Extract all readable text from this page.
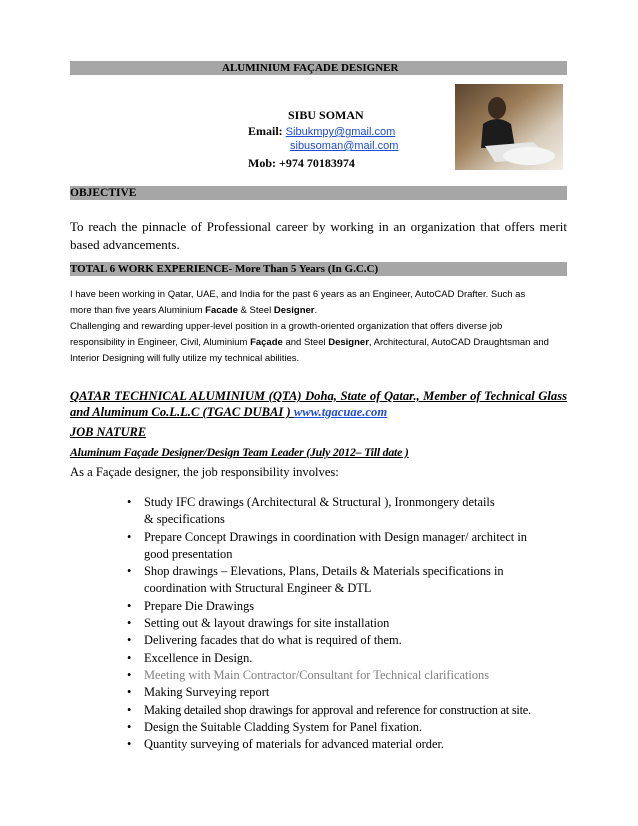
ALUMINIUM FAÇADE DESIGNER
SIBU SOMAN
Email: Sibukmpy@gmail.com
sibusoman@mail.com
Mob: +974 70183974
OBJECTIVE
To reach the pinnacle of Professional career by working in an organization that offers merit based advancements.
TOTAL 6 WORK EXPERIENCE- More Than 5 Years (In G.C.C)
I have been working in Qatar, UAE, and India for the past 6 years as an Engineer, AutoCAD Drafter. Such as
more than five years Aluminium Facade & Steel Designer.
Challenging and rewarding upper-level position in a growth-oriented organization that offers diverse job
responsibility in Engineer, Civil, Aluminium Façade and Steel Designer, Architectural, AutoCAD Draughtsman and
Interior Designing will fully utilize my technical abilities.
QATAR TECHNICAL ALUMINIUM (QTA) Doha, State of Qatar., Member of Technical Glass
and Aluminum Co.L.L.C (TGAC DUBAI ) www.tgacuae.com
JOB NATURE
Aluminum Façade Designer/Design Team Leader (July 2012– Till date )
As a Façade designer, the job responsibility involves:
• Study IFC drawings (Architectural & Structural ), Ironmongery details
& specifications
• Prepare Concept Drawings in coordination with Design manager/ architect in
good presentation
• Shop drawings – Elevations, Plans, Details & Materials specifications in
coordination with Structural Engineer & DTL
• Prepare Die Drawings
• Setting out & layout drawings for site installation
• Delivering facades that do what is required of them.
• Excellence in Design.
• Meeting with Main Contractor/Consultant for Technical clarifications
• Making Surveying report
• Making detailed shop drawings for approval and reference for construction at site.
• Design the Suitable Cladding System for Panel fixation.
• Quantity surveying of materials for advanced material order.
